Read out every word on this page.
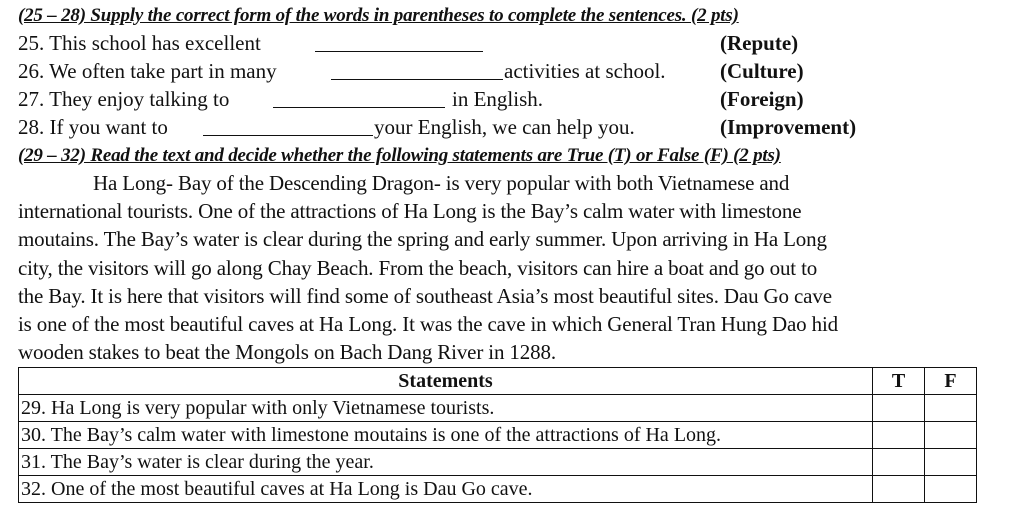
(25 – 28) Supply the correct form of the words in parentheses to complete the sentences. (2 pts)
25. This school has excellent	(Repute)
26. We often take part in many	activities at school.	(Culture)
27. They enjoy talking to	in English.	(Foreign)
28. If you want to	your English, we can help you.	(Improvement)
(29 – 32) Read the text and decide whether the following statements are True (T) or False (F) (2 pts)
Ha Long- Bay of the Descending Dragon- is very popular with both Vietnamese and
international tourists. One of the attractions of Ha Long is the Bay’s calm water with limestone
moutains. The Bay’s water is clear during the spring and early summer. Upon arriving in Ha Long
city, the visitors will go along Chay Beach. From the beach, visitors can hire a boat and go out to
the Bay. It is here that visitors will find some of southeast Asia’s most beautiful sites. Dau Go cave
is one of the most beautiful caves at Ha Long. It was the cave in which General Tran Hung Dao hid
wooden stakes to beat the Mongols on Bach Dang River in 1288.
Statements	T	F
29. Ha Long is very popular with only Vietnamese tourists.		
30. The Bay’s calm water with limestone moutains is one of the attractions of Ha Long.		
31. The Bay’s water is clear during the year.		
32. One of the most beautiful caves at Ha Long is Dau Go cave.		
